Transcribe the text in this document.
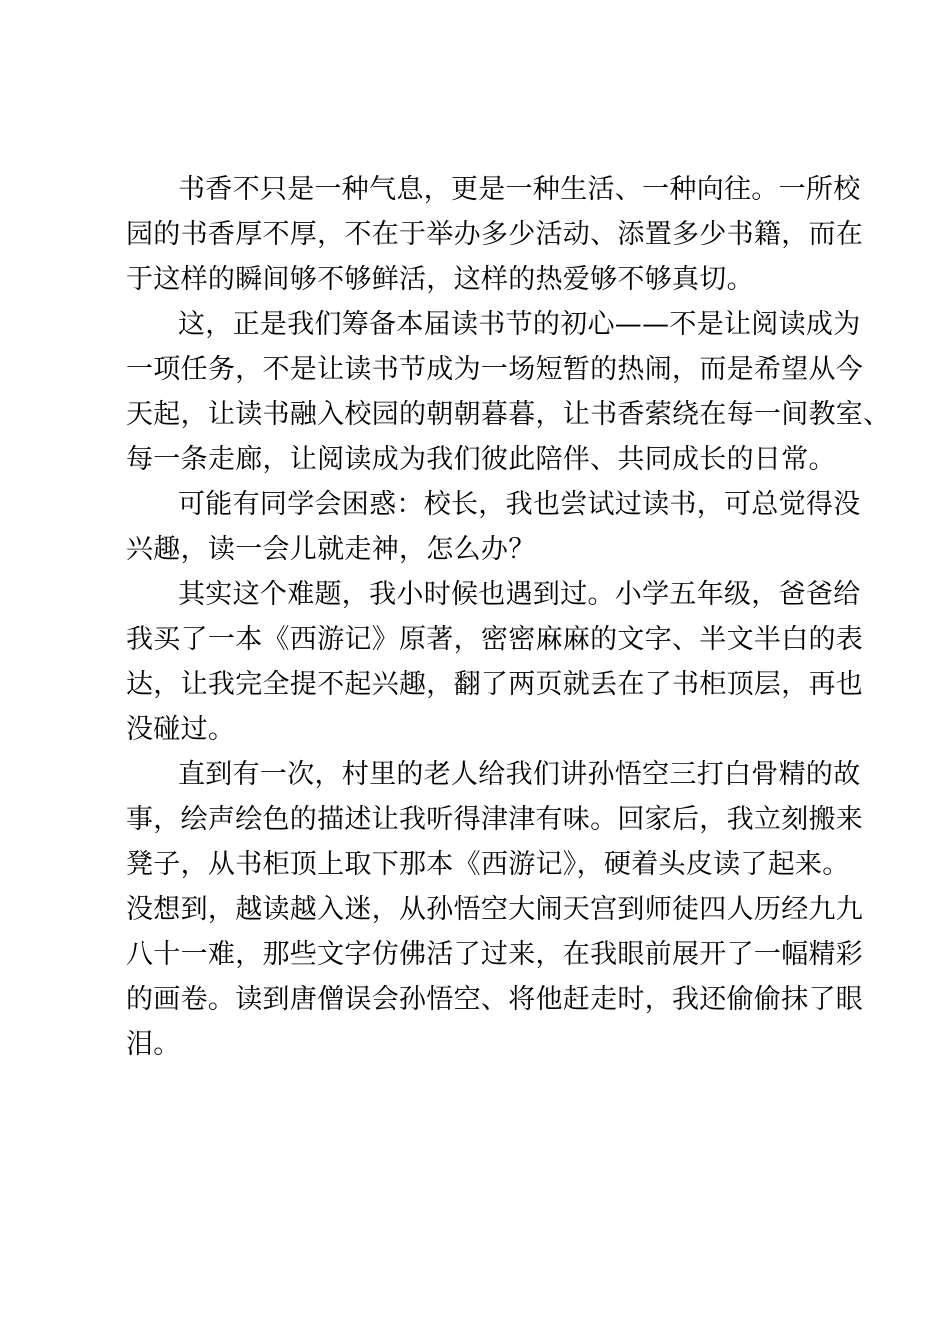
书香不只是一种气息，更是一种生活、一种向往。一所校
园的书香厚不厚，不在于举办多少活动、添置多少书籍，而在
于这样的瞬间够不够鲜活，这样的热爱够不够真切。
这，正是我们筹备本届读书节的初心——不是让阅读成为
一项任务，不是让读书节成为一场短暂的热闹，而是希望从今
天起，让读书融入校园的朝朝暮暮，让书香萦绕在每一间教室、
每一条走廊，让阅读成为我们彼此陪伴、共同成长的日常。
可能有同学会困惑：校长，我也尝试过读书，可总觉得没
兴趣，读一会儿就走神，怎么办？
其实这个难题，我小时候也遇到过。小学五年级，爸爸给
我买了一本《西游记》原著，密密麻麻的文字、半文半白的表
达，让我完全提不起兴趣，翻了两页就丢在了书柜顶层，再也
没碰过。
直到有一次，村里的老人给我们讲孙悟空三打白骨精的故
事，绘声绘色的描述让我听得津津有味。回家后，我立刻搬来
凳子，从书柜顶上取下那本《西游记》，硬着头皮读了起来。
没想到，越读越入迷，从孙悟空大闹天宫到师徒四人历经九九
八十一难，那些文字仿佛活了过来，在我眼前展开了一幅精彩
的画卷。读到唐僧误会孙悟空、将他赶走时，我还偷偷抹了眼
泪。
